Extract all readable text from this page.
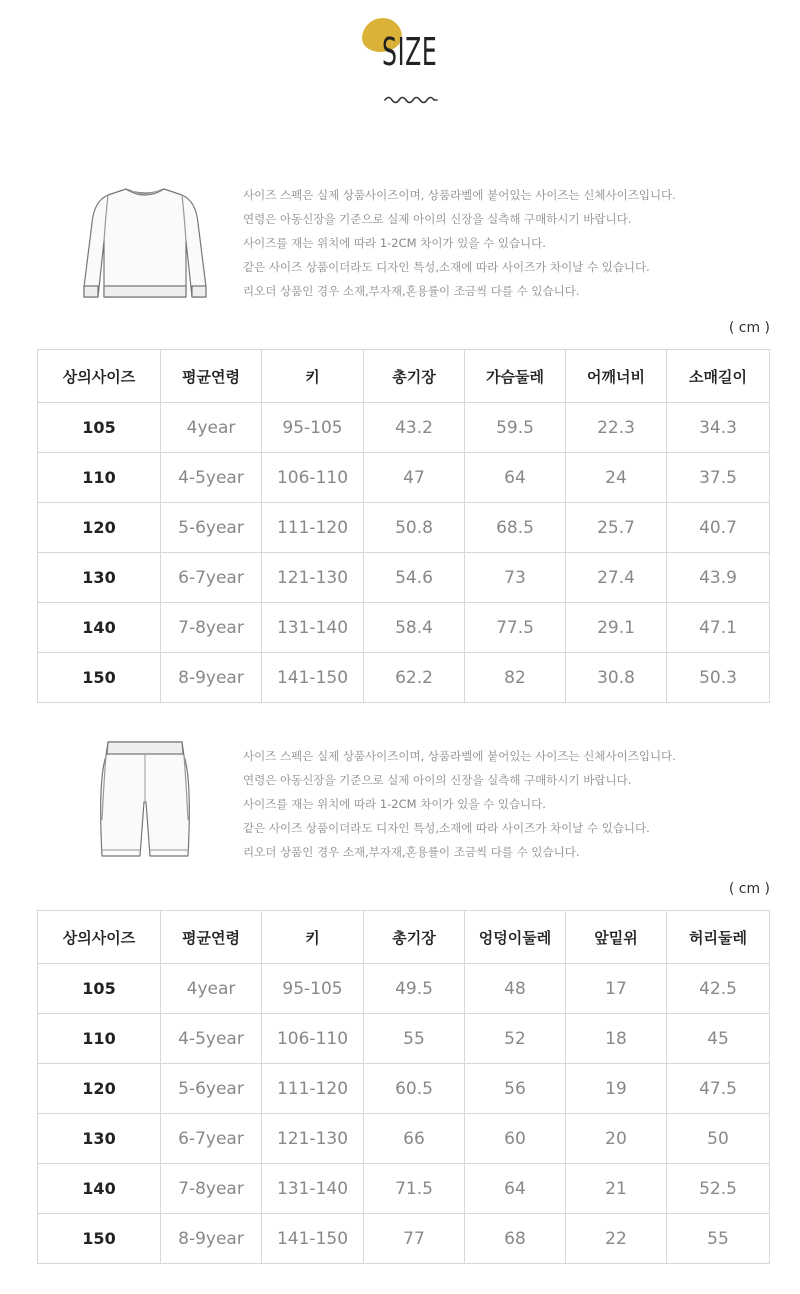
SIZE
사이즈 스펙은 실제 상품사이즈이며, 상품라벨에 붙어있는 사이즈는 신체사이즈입니다.
연령은 아동신장을 기준으로 실제 아이의 신장을 실측해 구매하시기 바랍니다.
사이즈를 재는 위치에 따라 1-2CM 차이가 있을 수 있습니다.
같은 사이즈 상품이더라도 디자인 특성,소재에 따라 사이즈가 차이날 수 있습니다.
리오더 상품인 경우 소재,부자재,혼용률이 조금씩 다를 수 있습니다.
( cm )
상의사이즈	평균연령	키	총기장	가슴둘레	어깨너비	소매길이
105	4year	95-105	43.2	59.5	22.3	34.3
110	4-5year	106-110	47	64	24	37.5
120	5-6year	111-120	50.8	68.5	25.7	40.7
130	6-7year	121-130	54.6	73	27.4	43.9
140	7-8year	131-140	58.4	77.5	29.1	47.1
150	8-9year	141-150	62.2	82	30.8	50.3
사이즈 스펙은 실제 상품사이즈이며, 상품라벨에 붙어있는 사이즈는 신체사이즈입니다.
연령은 아동신장을 기준으로 실제 아이의 신장을 실측해 구매하시기 바랍니다.
사이즈를 재는 위치에 따라 1-2CM 차이가 있을 수 있습니다.
같은 사이즈 상품이더라도 디자인 특성,소재에 따라 사이즈가 차이날 수 있습니다.
리오더 상품인 경우 소재,부자재,혼용률이 조금씩 다를 수 있습니다.
( cm )
상의사이즈	평균연령	키	총기장	엉덩이둘레	앞밑위	허리둘레
105	4year	95-105	49.5	48	17	42.5
110	4-5year	106-110	55	52	18	45
120	5-6year	111-120	60.5	56	19	47.5
130	6-7year	121-130	66	60	20	50
140	7-8year	131-140	71.5	64	21	52.5
150	8-9year	141-150	77	68	22	55
